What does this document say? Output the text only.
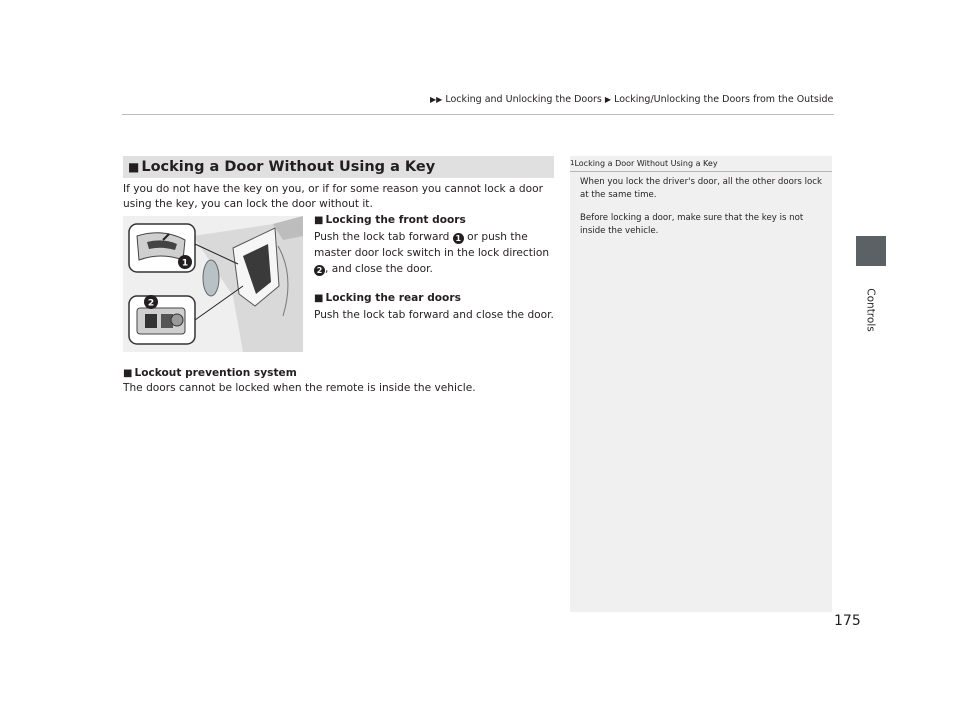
▶▶ Locking and Unlocking the Doors ▶ Locking/Unlocking the Doors from the Outside
Controls
■ Locking a Door Without Using a Key
If you do not have the key on you, or if for some reason you cannot lock a door using the key, you can lock the door without it.
1
2
■ Locking the front doors
Push the lock tab forward 1 or push the master door lock switch in the lock direction 2 , and close the door.
■ Locking the rear doors
Push the lock tab forward and close the door.
■ Lockout prevention system
The doors cannot be locked when the remote is inside the vehicle.
1Locking a Door Without Using a Key

When you lock the driver's door, all the other doors lock at the same time.

Before locking a door, make sure that the key is not inside the vehicle.

175
